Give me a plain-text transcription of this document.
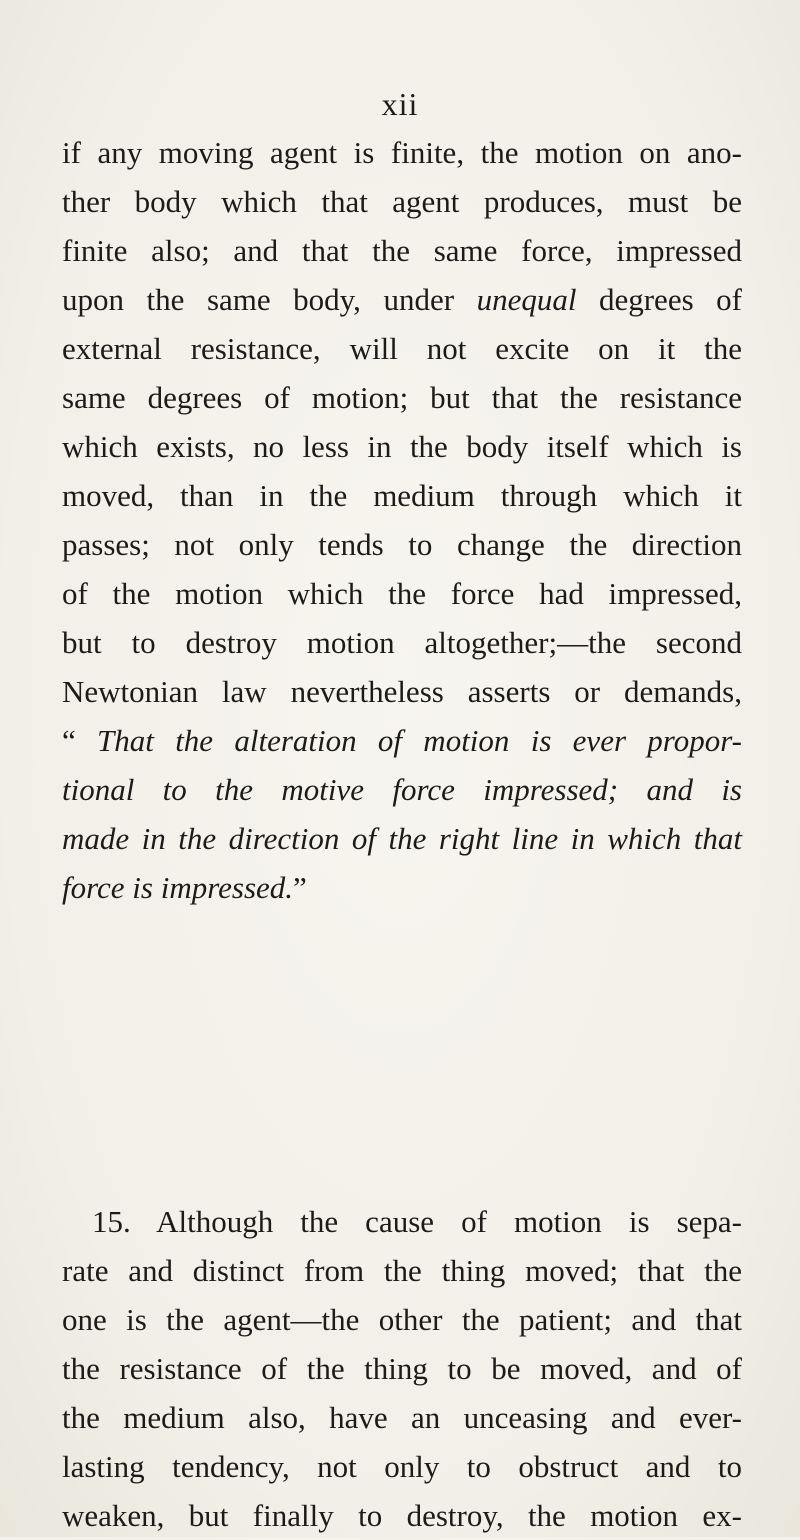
xii
if any moving agent is finite, the motion on ano-
ther body which that agent produces, must be
finite also; and that the same force, impressed
upon the same body, under unequal degrees of
external resistance, will not excite on it the
same degrees of motion; but that the resistance
which exists, no less in the body itself which is
moved, than in the medium through which it
passes; not only tends to change the direction
of the motion which the force had impressed,
but to destroy motion altogether;—the second
Newtonian law nevertheless asserts or demands,
“ That the alteration of motion is ever propor-
tional to the motive force impressed; and is
made in the direction of the right line in which that
force is impressed.”
15. Although the cause of motion is sepa-
rate and distinct from the thing moved; that the
one is the agent—the other the patient; and that
the resistance of the thing to be moved, and of
the medium also, have an unceasing and ever-
lasting tendency, not only to obstruct and to
weaken, but finally to destroy, the motion ex-
